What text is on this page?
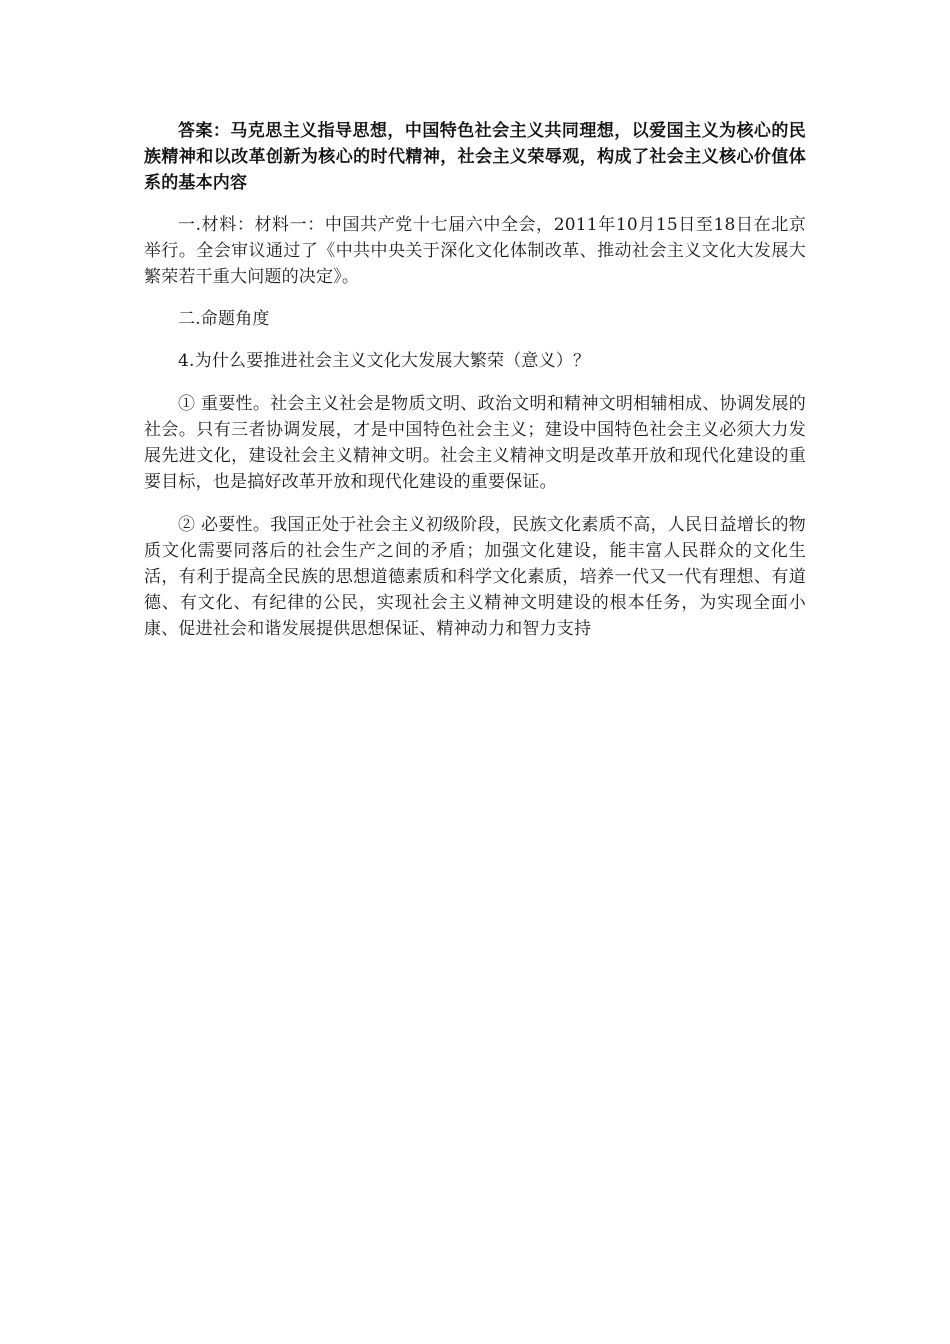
答案：马克思主义指导思想，中国特色社会主义共同理想，以爱国主义为核心的民族精神和以改革创新为核心的时代精神，社会主义荣辱观，构成了社会主义核心价值体系的基本内容

一.材料：材料一：中国共产党十七届六中全会，2011年10月15日至18日在北京举行。全会审议通过了《中共中央关于深化文化体制改革、推动社会主义文化大发展大繁荣若干重大问题的决定》。

二.命题角度

4.为什么要推进社会主义文化大发展大繁荣（意义）？

① 重要性。社会主义社会是物质文明、政治文明和精神文明相辅相成、协调发展的社会。只有三者协调发展，才是中国特色社会主义；建设中国特色社会主义必须大力发展先进文化，建设社会主义精神文明。社会主义精神文明是改革开放和现代化建设的重要目标，也是搞好改革开放和现代化建设的重要保证。

② 必要性。我国正处于社会主义初级阶段，民族文化素质不高，人民日益增长的物质文化需要同落后的社会生产之间的矛盾；加强文化建设，能丰富人民群众的文化生活，有利于提高全民族的思想道德素质和科学文化素质，培养一代又一代有理想、有道德、有文化、有纪律的公民，实现社会主义精神文明建设的根本任务，为实现全面小康、促进社会和谐发展提供思想保证、精神动力和智力支持
